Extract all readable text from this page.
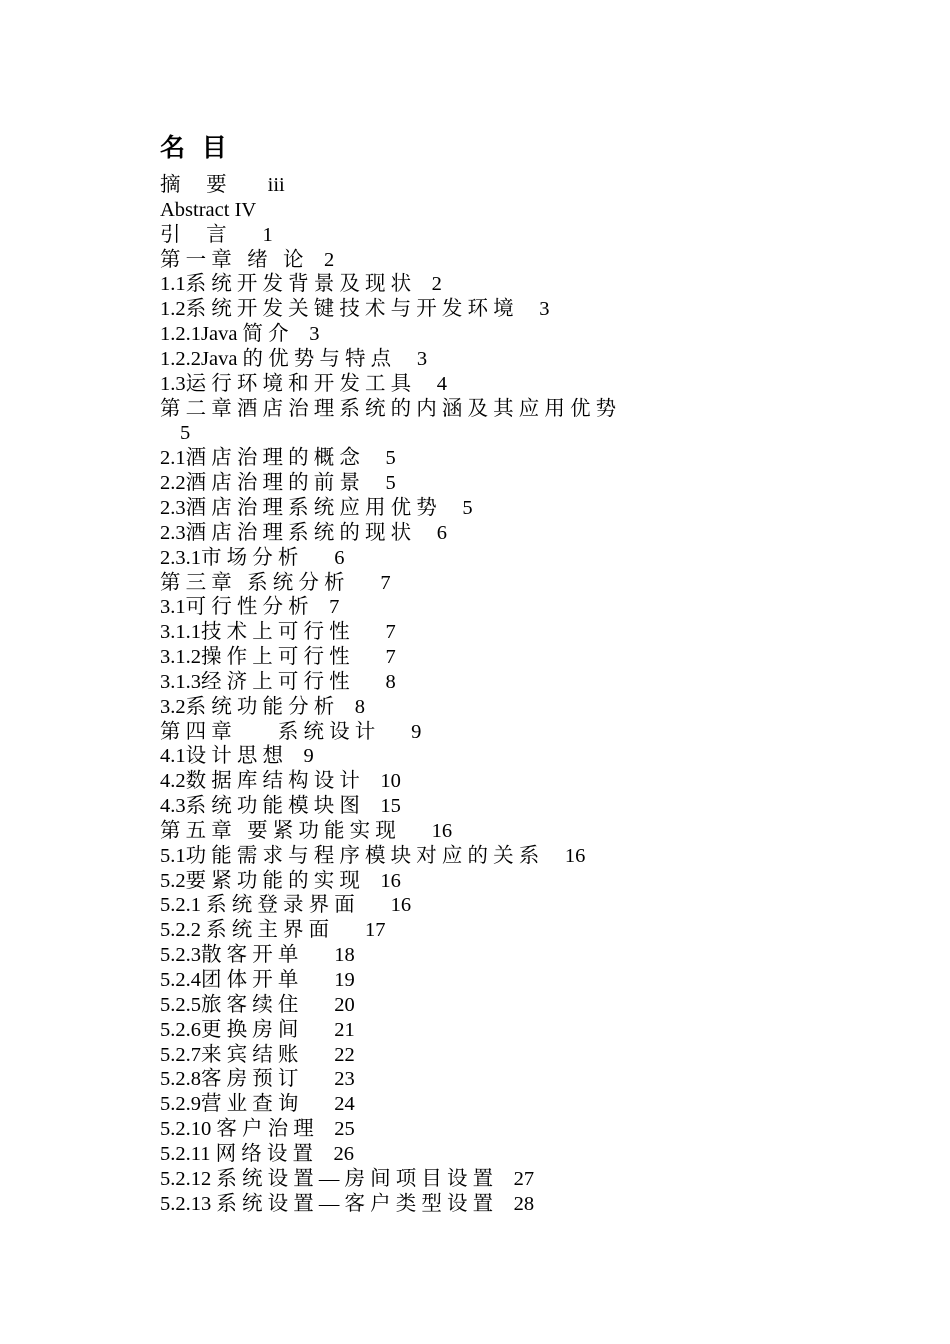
名 目
摘     要 iii
Abstract IV
引     言 1
第 一 章   绪   论 2
1.1系 统 开 发 背 景 及 现 状 2
1.2系 统 开 发 关 键 技 术 与 开 发 环 境 3
1.2.1Java 简 介 3
1.2.2Java 的 优 势 与 特 点 3
1.3运 行 环 境 和 开 发 工 具 4
第 二 章 酒 店 治 理 系 统 的 内 涵 及 其 应 用 优 势
5
2.1酒 店 治 理 的 概 念 5
2.2酒 店 治 理 的 前 景 5
2.3酒 店 治 理 系 统 应 用 优 势 5
2.3酒 店 治 理 系 统 的 现 状 6
2.3.1市 场 分 析 6
第 三 章   系 统 分 析 7
3.1可 行 性 分 析 7
3.1.1技 术 上 可 行 性 7
3.1.2操 作 上 可 行 性 7
3.1.3经 济 上 可 行 性 8
3.2系 统 功 能 分 析 8
第 四 章         系 统 设 计 9
4.1设 计 思 想 9
4.2数 据 库 结 构 设 计 10
4.3系 统 功 能 模 块 图 15
第 五 章   要 紧 功 能 实 现 16
5.1功 能 需 求 与 程 序 模 块 对 应 的 关 系 16
5.2要 紧 功 能 的 实 现 16
5.2.1 系 统 登 录 界 面 16
5.2.2 系 统 主 界 面 17
5.2.3散 客 开 单 18
5.2.4团 体 开 单 19
5.2.5旅 客 续 住 20
5.2.6更 换 房 间 21
5.2.7来 宾 结 账 22
5.2.8客 房 预 订 23
5.2.9营 业 查 询 24
5.2.10 客 户 治 理 25
5.2.11 网 络 设 置 26
5.2.12 系 统 设 置 — 房 间 项 目 设 置 27
5.2.13 系 统 设 置 — 客 户 类 型 设 置 28
